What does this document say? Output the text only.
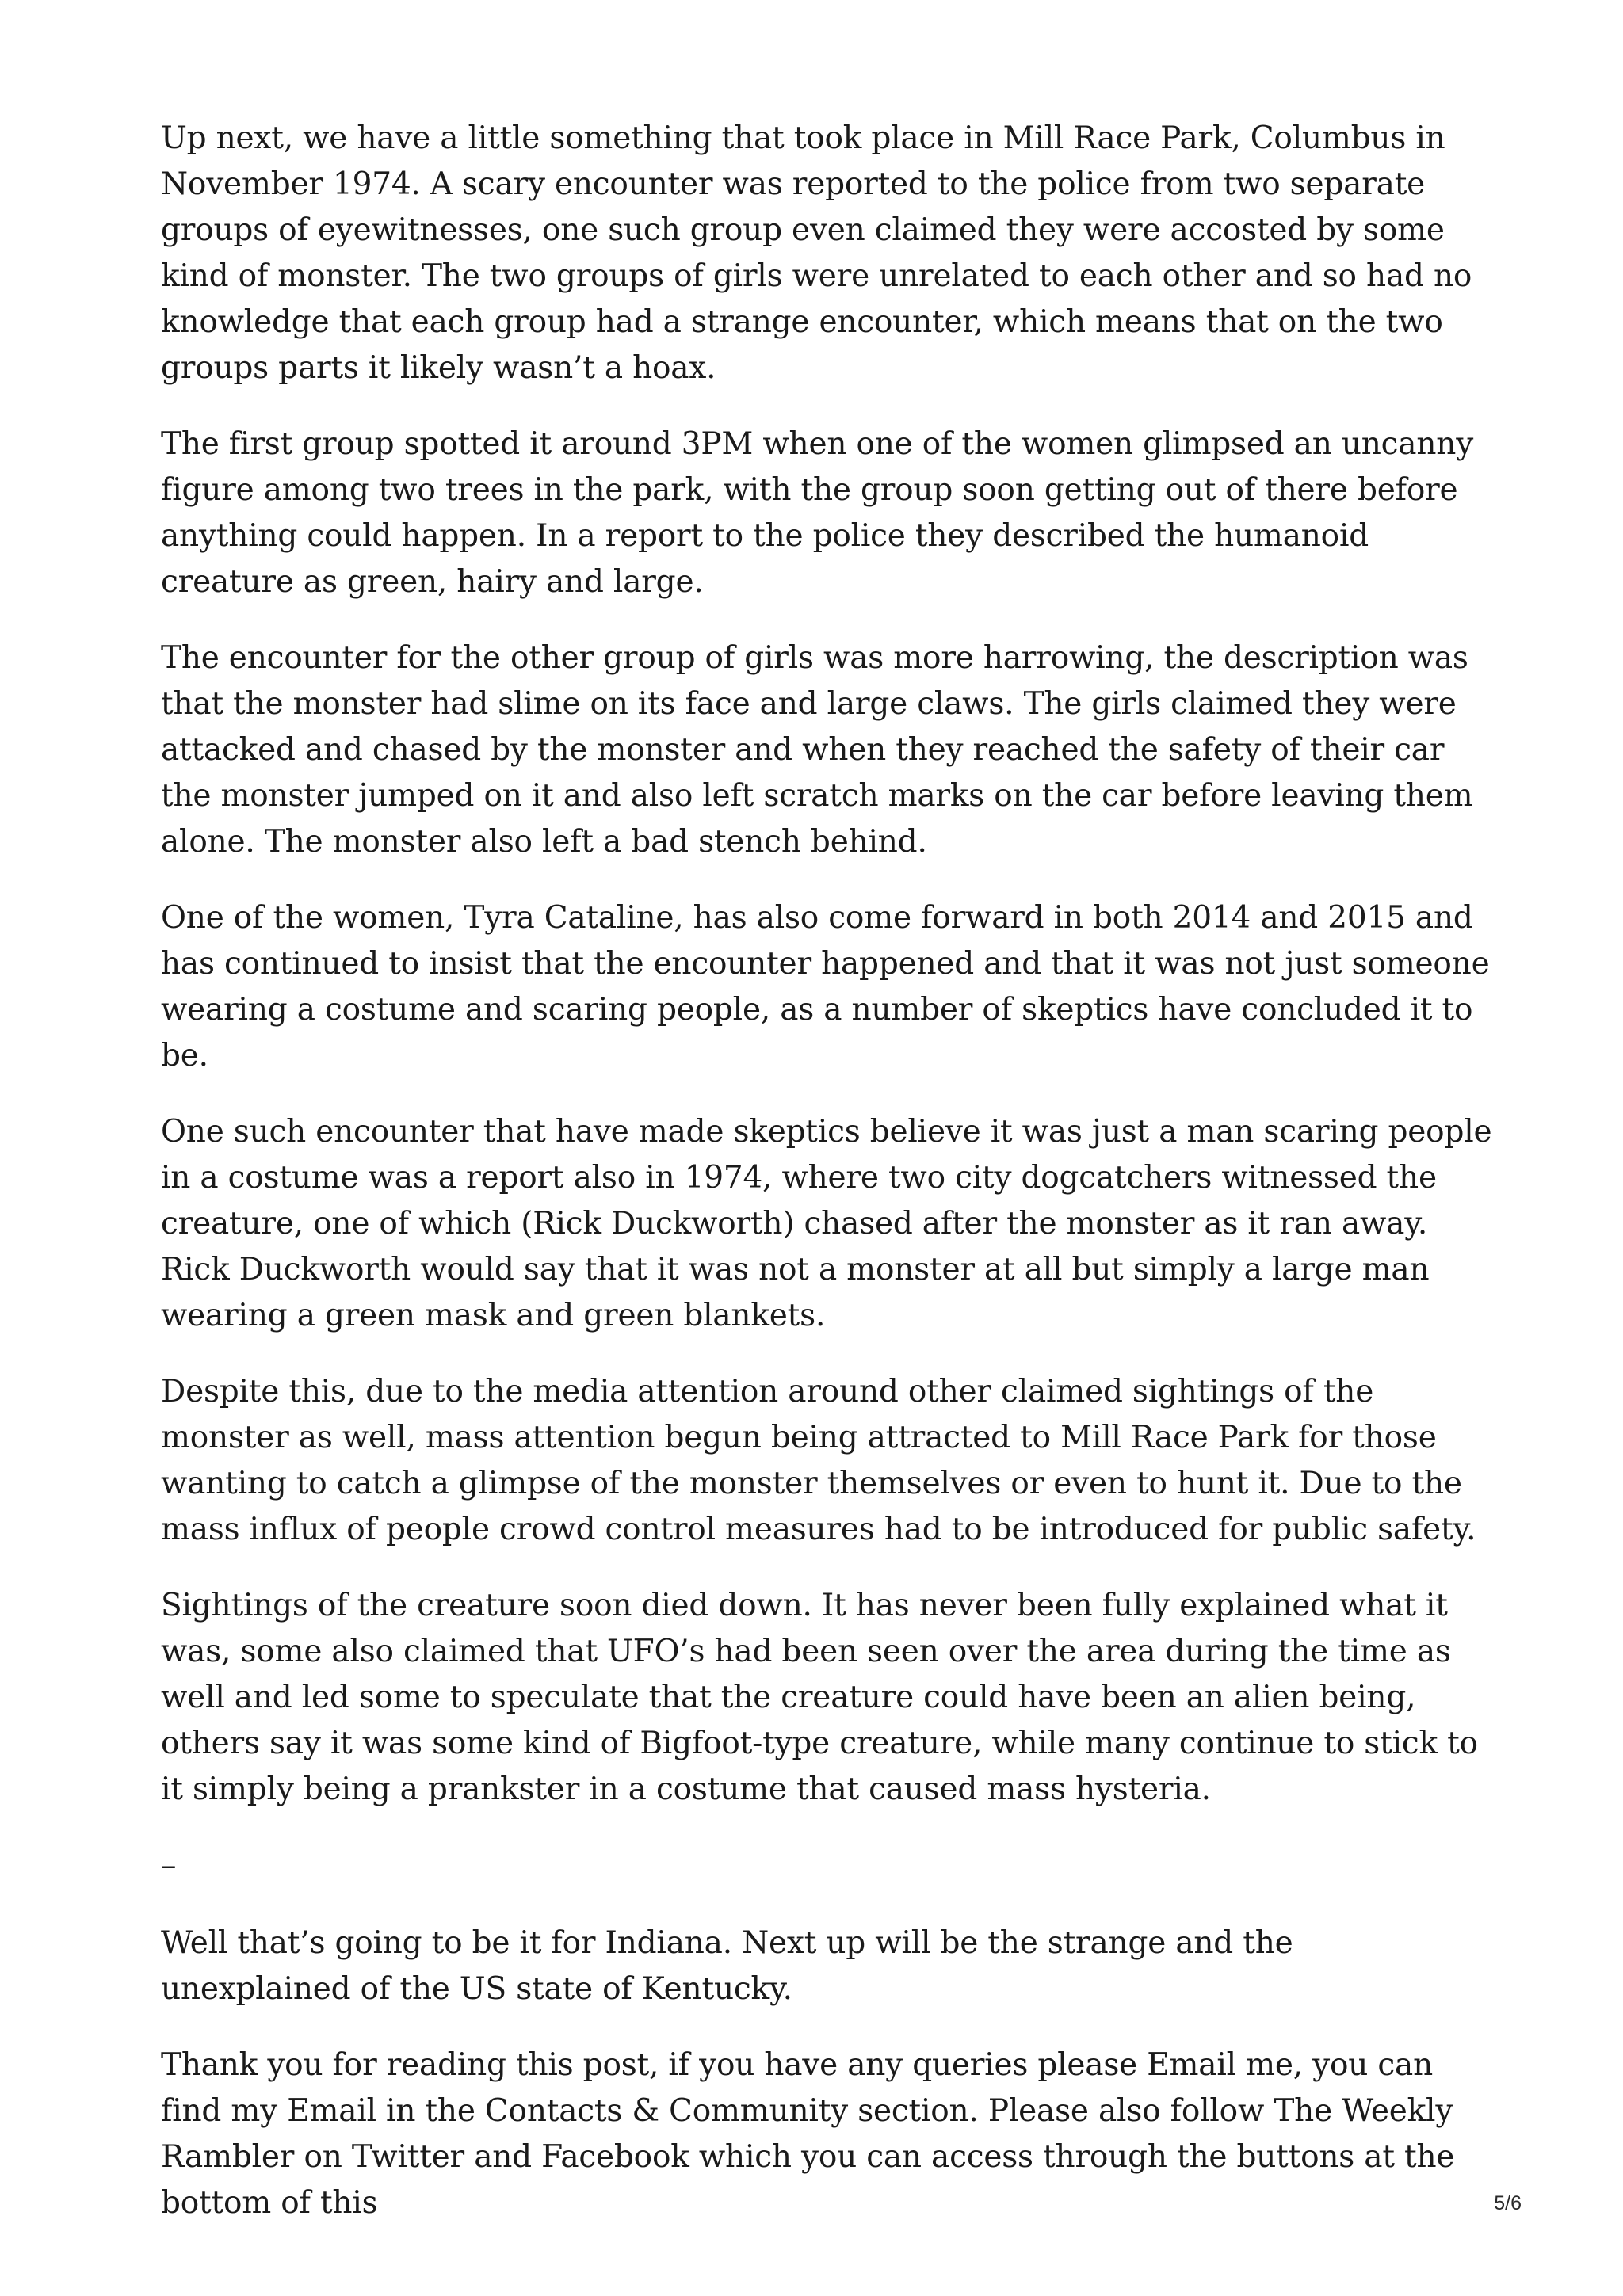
Up next, we have a little something that took place in Mill Race Park, Columbus in November 1974. A scary encounter was reported to the police from two separate groups of eyewitnesses, one such group even claimed they were accosted by some kind of monster. The two groups of girls were unrelated to each other and so had no knowledge that each group had a strange encounter, which means that on the two groups parts it likely wasn’t a hoax.

The first group spotted it around 3PM when one of the women glimpsed an uncanny figure among two trees in the park, with the group soon getting out of there before anything could happen. In a report to the police they described the humanoid creature as green, hairy and large.

The encounter for the other group of girls was more harrowing, the description was that the monster had slime on its face and large claws. The girls claimed they were attacked and chased by the monster and when they reached the safety of their car the monster jumped on it and also left scratch marks on the car before leaving them alone. The monster also left a bad stench behind.

One of the women, Tyra Cataline, has also come forward in both 2014 and 2015 and has continued to insist that the encounter happened and that it was not just someone wearing a costume and scaring people, as a number of skeptics have concluded it to be.

One such encounter that have made skeptics believe it was just a man scaring people in a costume was a report also in 1974, where two city dogcatchers witnessed the creature, one of which (Rick Duckworth) chased after the monster as it ran away. Rick Duckworth would say that it was not a monster at all but simply a large man wearing a green mask and green blankets.

Despite this, due to the media attention around other claimed sightings of the monster as well, mass attention begun being attracted to Mill Race Park for those wanting to catch a glimpse of the monster themselves or even to hunt it. Due to the mass influx of people crowd control measures had to be introduced for public safety.

Sightings of the creature soon died down. It has never been fully explained what it was, some also claimed that UFO’s had been seen over the area during the time as well and led some to speculate that the creature could have been an alien being, others say it was some kind of Bigfoot-type creature, while many continue to stick to it simply being a prankster in a costume that caused mass hysteria.

–

Well that’s going to be it for Indiana. Next up will be the strange and the unexplained of the US state of Kentucky.

Thank you for reading this post, if you have any queries please Email me, you can find my Email in the Contacts & Community section. Please also follow The Weekly Rambler on Twitter and Facebook which you can access through the buttons at the bottom of this	5/6
